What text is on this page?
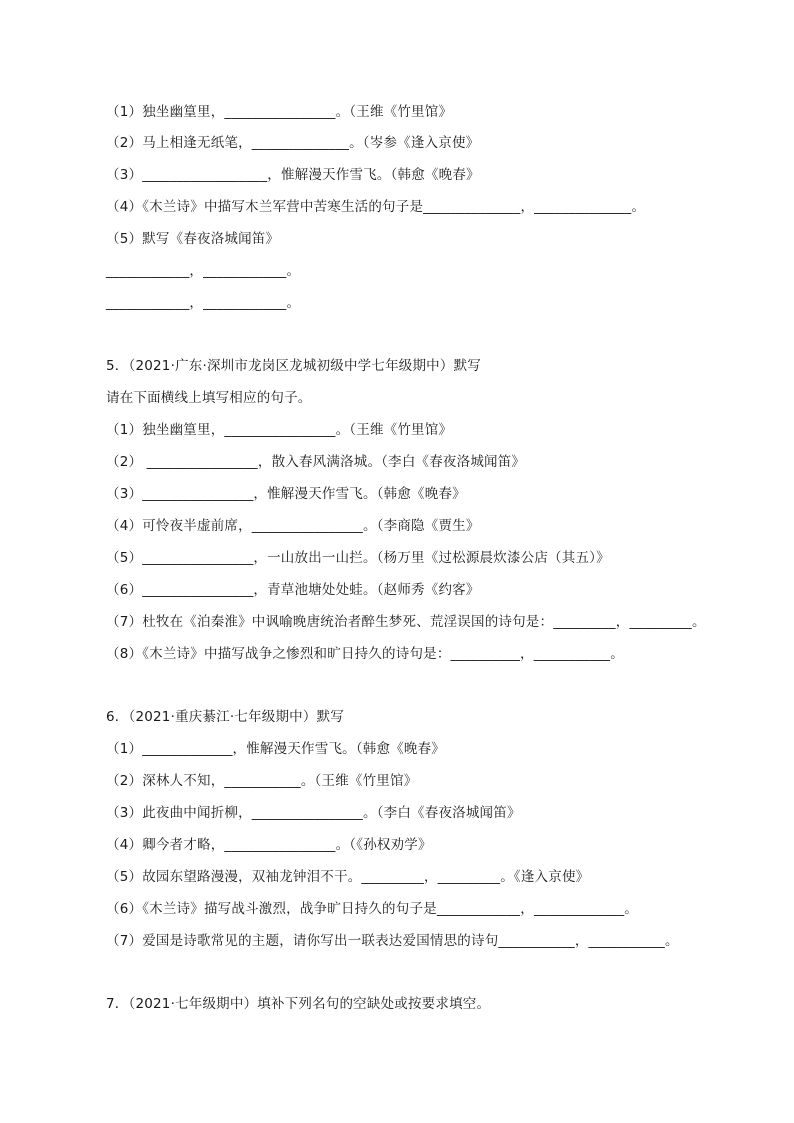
（1）独坐幽篁里，________________。（王维《竹里馆》
（2）马上相逢无纸笔，______________。（岑参《逢入京使》
（3）__________________，惟解漫天作雪飞。（韩愈《晚春》
（4）《木兰诗》中描写木兰军营中苦寒生活的句子是______________，______________。
（5）默写《春夜洛城闻笛》
____________，____________。
____________，____________。
5．（2021·广东·深圳市龙岗区龙城初级中学七年级期中）默写
请在下面横线上填写相应的句子。
（1）独坐幽篁里，________________。（王维《竹里馆》
（2） ________________，散入春风满洛城。（李白《春夜洛城闻笛》
（3）________________，惟解漫天作雪飞。（韩愈《晚春》
（4）可怜夜半虚前席，________________。（李商隐《贾生》
（5）________________，一山放出一山拦。（杨万里《过松源晨炊漆公店（其五）》
（6）________________，青草池塘处处蛙。（赵师秀《约客》
（7）杜牧在《泊秦淮》中讽喻晚唐统治者醉生梦死、荒淫误国的诗句是：_________，_________。
（8）《木兰诗》中描写战争之惨烈和旷日持久的诗句是：__________，___________。
6．（2021·重庆綦江·七年级期中）默写
（1）_____________，惟解漫天作雪飞。（韩愈《晚春》
（2）深林人不知，___________。（王维《竹里馆》
（3）此夜曲中闻折柳，________________。（李白《春夜洛城闻笛》
（4）卿今者才略，________________。（《孙权劝学》
（5）故园东望路漫漫，双袖龙钟泪不干。_________，_________。《逢入京使》
（6）《木兰诗》描写战斗激烈，战争旷日持久的句子是____________，_____________。
（7）爱国是诗歌常见的主题，请你写出一联表达爱国情思的诗句___________，___________。
7．（2021·七年级期中）填补下列名句的空缺处或按要求填空。
